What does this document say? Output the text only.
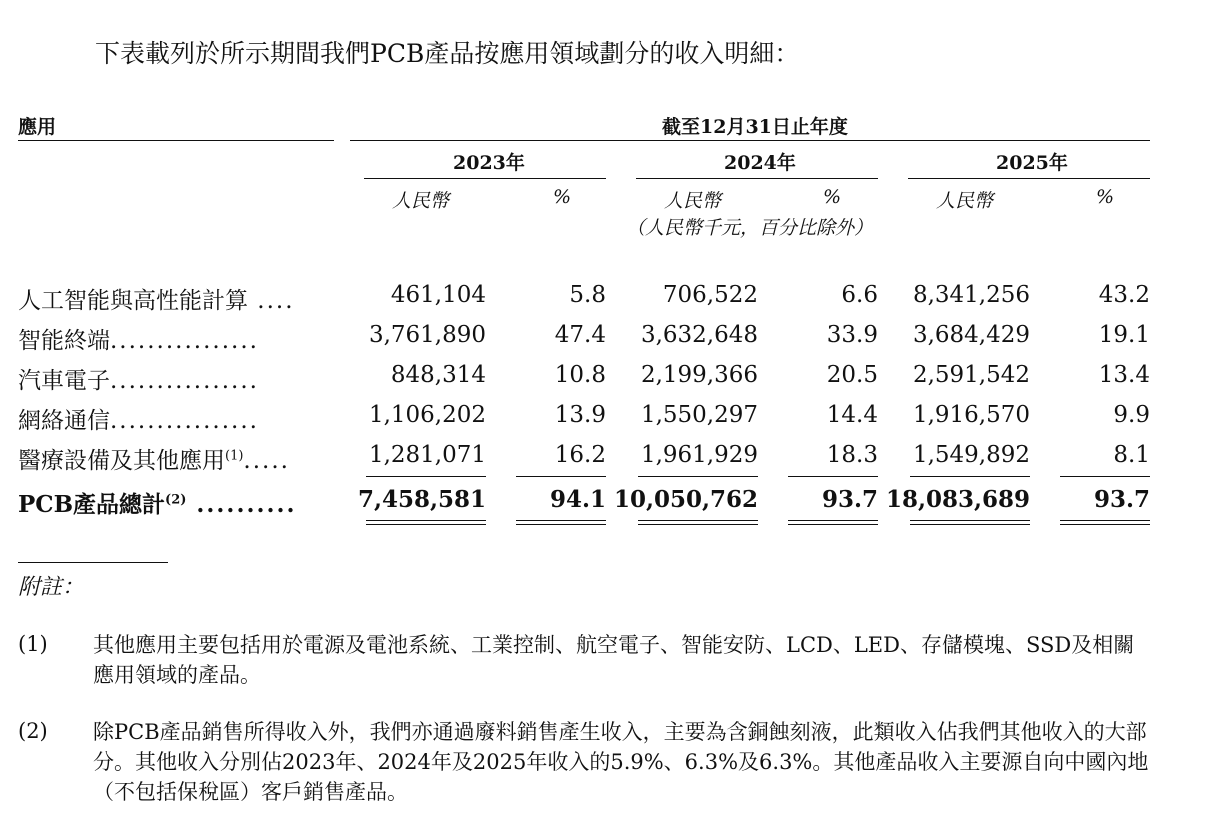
下表載列於所示期間我們PCB產品按應用領域劃分的收入明細：
應用	截至12月31日止年度
2023年	2024年	2025年
人民幣	%	人民幣	%	人民幣	%
（人民幣千元，百分比除外）
人工智能與高性能計算 ....	461,104	5.8 706,522	6.6 8,341,256	43.2
智能終端................	3,761,890	47.4 3,632,648	33.9 3,684,429	19.1
汽車電子................	848,314	10.8 2,199,366	20.5 2,591,542	13.4
網絡通信................	1,106,202	13.9 1,550,297	14.4 1,916,570	9.9
醫療設備及其他應用$^{(1)}$.....	1,281,071	16.2 1,961,929	18.3 1,549,892	8.1
PCB產品總計$^{(2)}$ ..........	7,458,581	94.1 10,050,762	93.7 18,083,689	93.7
附註：
(1) 其他應用主要包括用於電源及電池系統、工業控制、航空電子、智能安防、LCD、LED、存儲模塊、SSD及相關應用領域的產品。
(2) 除PCB產品銷售所得收入外，我們亦通過廢料銷售產生收入，主要為含銅蝕刻液，此類收入佔我們其他收入的大部分。其他收入分別佔2023年、2024年及2025年收入的5.9%、6.3%及6.3%。其他產品收入主要源自向中國內地（不包括保稅區）客戶銷售產品。
